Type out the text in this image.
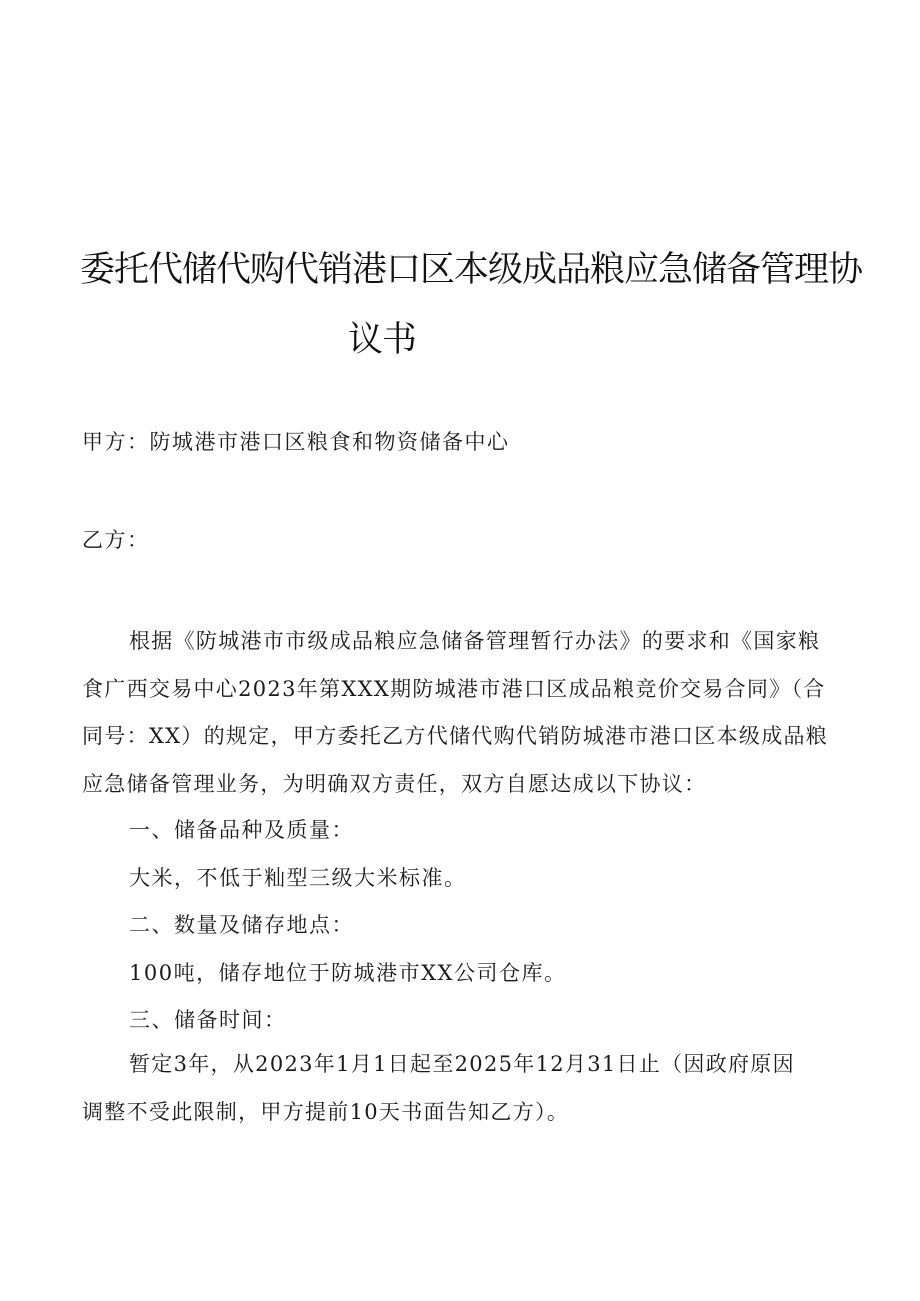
委托代储代购代销港口区本级成品粮应急储备管理协
议书

甲方：防城港市港口区粮食和物资储备中心

乙方：

根据《防城港市市级成品粮应急储备管理暂行办法》的要求和《国家粮
食广西交易中心2023年第XXX期防城港市港口区成品粮竞价交易合同》（合
同号：XX）的规定，甲方委托乙方代储代购代销防城港市港口区本级成品粮
应急储备管理业务，为明确双方责任，双方自愿达成以下协议：

一、储备品种及质量：

大米，不低于籼型三级大米标准。

二、数量及储存地点：

100吨，储存地位于防城港市XX公司仓库。

三、储备时间：

暂定3年，从2023年1月1日起至2025年12月31日止（因政府原因
调整不受此限制，甲方提前10天书面告知乙方）。
